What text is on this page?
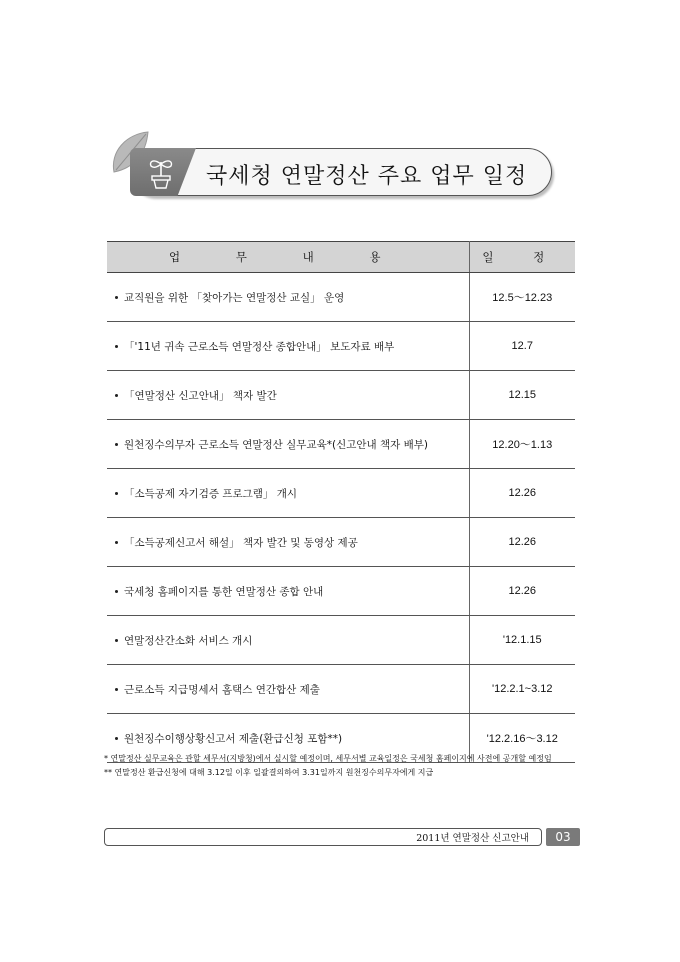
국세청 연말정산 주요 업무 일정
업 무 내 용	일 정
교직원을 위한 「찾아가는 연말정산 교실」 운영	12.5～12.23
「'11년 귀속 근로소득 연말정산 종합안내」 보도자료 배부	12.7
「연말정산 신고안내」 책자 발간	12.15
원천징수의무자 근로소득 연말정산 실무교육*(신고안내 책자 배부)	12.20～1.13
「소득공제 자기검증 프로그램」 개시	12.26
「소득공제신고서 해설」 책자 발간 및 동영상 제공	12.26
국세청 홈페이지를 통한 연말정산 종합 안내	12.26
연말정산간소화 서비스 개시	'12.1.15
근로소득 지급명세서 홈택스 연간합산 제출	'12.2.1~3.12
원천징수이행상황신고서 제출(환급신청 포함**)	'12.2.16～3.12
* 연말정산 실무교육은 관할 세무서(지방청)에서 실시할 예정이며, 세무서별 교육일정은 국세청 홈페이지에 사전에 공개할 예정임
** 연말정산 환급신청에 대해 3.12일 이후 일괄결의하여 3.31일까지 원천징수의무자에게 지급
2011년 연말정산 신고안내	03
